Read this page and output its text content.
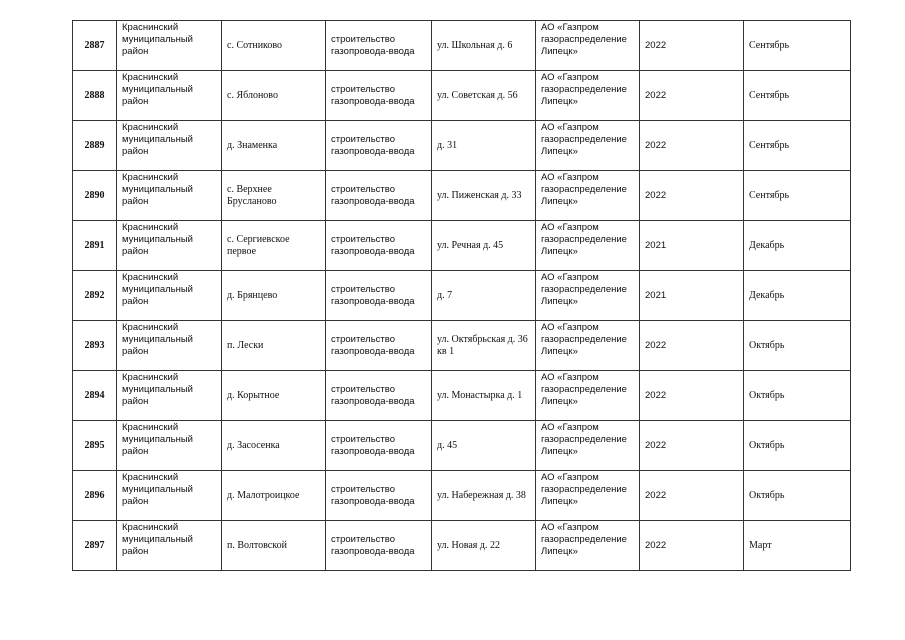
2887	Краснинский муниципальный район	с. Сотниково	строительство газопровода-ввода	ул. Школьная д. 6	АО «Газпром газораспределение Липецк»	2022	Сентябрь
2888	Краснинский муниципальный район	с. Яблоново	строительство газопровода-ввода	ул. Советская д. 56	АО «Газпром газораспределение Липецк»	2022	Сентябрь
2889	Краснинский муниципальный район	д. Знаменка	строительство газопровода-ввода	д. 31	АО «Газпром газораспределение Липецк»	2022	Сентябрь
2890	Краснинский муниципальный район	с. Верхнее Брусланово	строительство газопровода-ввода	ул. Пиженская д. 33	АО «Газпром газораспределение Липецк»	2022	Сентябрь
2891	Краснинский муниципальный район	с. Сергиевское первое	строительство газопровода-ввода	ул. Речная д. 45	АО «Газпром газораспределение Липецк»	2021	Декабрь
2892	Краснинский муниципальный район	д. Брянцево	строительство газопровода-ввода	д. 7	АО «Газпром газораспределение Липецк»	2021	Декабрь
2893	Краснинский муниципальный район	п. Лески	строительство газопровода-ввода	ул. Октябрьская д. 36 кв 1	АО «Газпром газораспределение Липецк»	2022	Октябрь
2894	Краснинский муниципальный район	д. Корытное	строительство газопровода-ввода	ул. Монастырка д. 1	АО «Газпром газораспределение Липецк»	2022	Октябрь
2895	Краснинский муниципальный район	д. Засосенка	строительство газопровода-ввода	д. 45	АО «Газпром газораспределение Липецк»	2022	Октябрь
2896	Краснинский муниципальный район	д. Малотроицкое	строительство газопровода-ввода	ул. Набережная д. 38	АО «Газпром газораспределение Липецк»	2022	Октябрь
2897	Краснинский муниципальный район	п. Волтовской	строительство газопровода-ввода	ул. Новая д. 22	АО «Газпром газораспределение Липецк»	2022	Март
